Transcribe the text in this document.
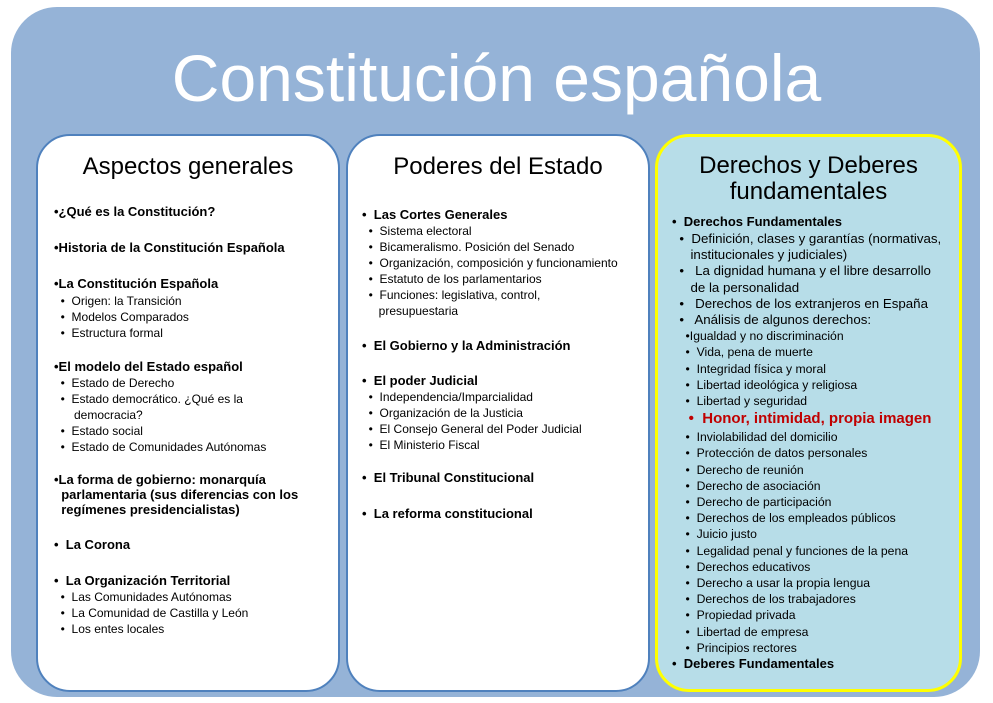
Constitución española
Aspectos generales
•¿Qué es la Constitución?
•Historia de la Constitución Española
•La Constitución Española
•  Origen: la Transición
•  Modelos Comparados
•  Estructura formal
•El modelo del Estado español
•  Estado de Derecho
•  Estado democrático. ¿Qué es la
democracia?
•  Estado social
•  Estado de Comunidades Autónomas
•La forma de gobierno: monarquía
parlamentaria (sus diferencias con los
regímenes presidencialistas)
•  La Corona
•  La Organización Territorial
•  Las Comunidades Autónomas
•  La Comunidad de Castilla y León
•  Los entes locales
Poderes del Estado
•  Las Cortes Generales
•  Sistema electoral
•  Bicameralismo. Posición del Senado
•  Organización, composición y funcionamiento
•  Estatuto de los parlamentarios
•  Funciones: legislativa, control,
presupuestaria
•  El Gobierno y la Administración
•  El poder Judicial
•  Independencia/Imparcialidad
•  Organización de la Justicia
•  El Consejo General del Poder Judicial
•  El Ministerio Fiscal
•  El Tribunal Constitucional
•  La reforma constitucional
Derechos y Deberes
fundamentales
•  Derechos Fundamentales
•  Definición, clases y garantías (normativas,
institucionales y judiciales)
•   La dignidad humana y el libre desarrollo
de la personalidad
•   Derechos de los extranjeros en España
•   Análisis de algunos derechos:
•Igualdad y no discriminación
•  Vida, pena de muerte
•  Integridad física y moral
•  Libertad ideológica y religiosa
•  Libertad y seguridad
•  Honor, intimidad, propia imagen
•  Inviolabilidad del domicilio
•  Protección de datos personales
•  Derecho de reunión
•  Derecho de asociación
•  Derecho de participación
•  Derechos de los empleados públicos
•  Juicio justo
•  Legalidad penal y funciones de la pena
•  Derechos educativos
•  Derecho a usar la propia lengua
•  Derechos de los trabajadores
•  Propiedad privada
•  Libertad de empresa
•  Principios rectores
•  Deberes Fundamentales
